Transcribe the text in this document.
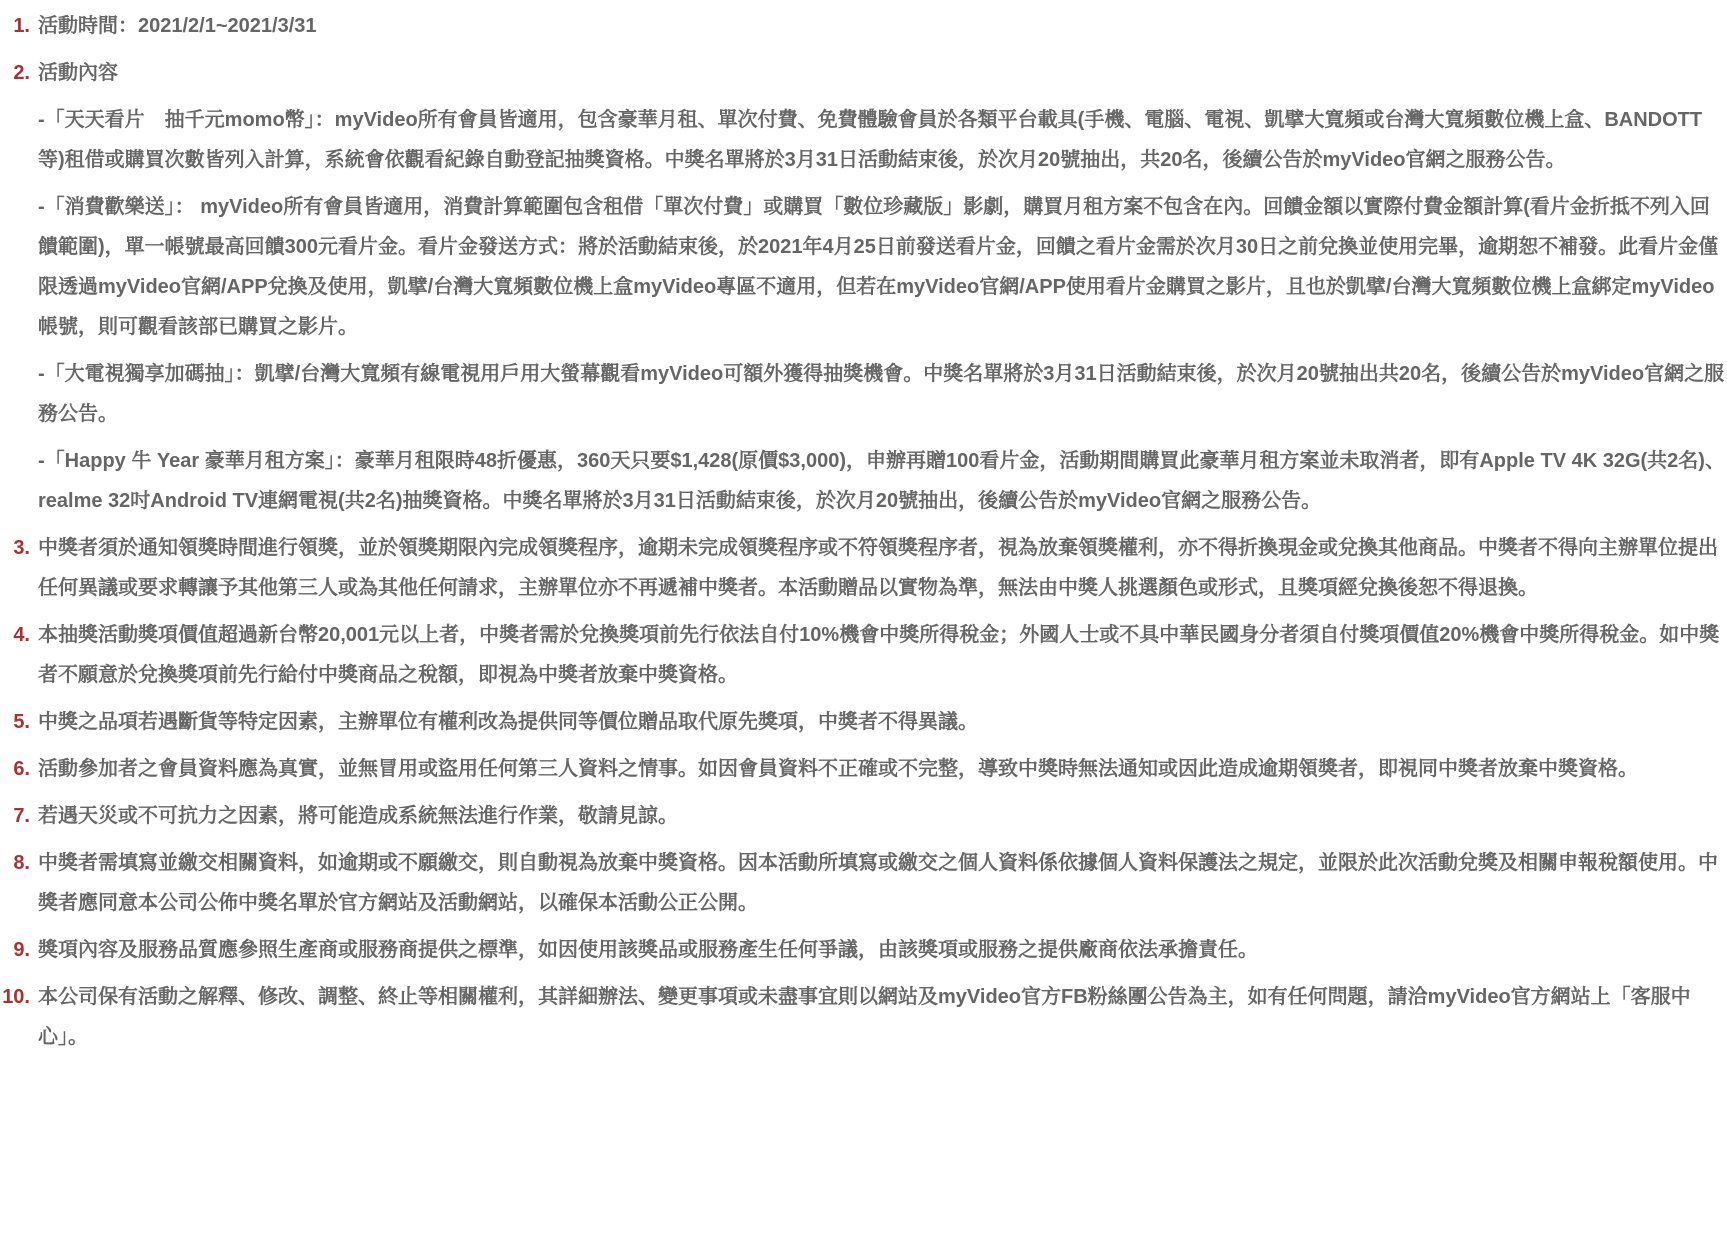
1. 活動時間：2021/2/1~2021/3/31

2. 活動內容

-「天天看片　抽千元momo幣」：myVideo所有會員皆適用，包含豪華月租、單次付費、免費體驗會員於各類平台載具(手機、電腦、電視、凱擘大寬頻或台灣大寬頻數位機上盒、BANDOTT等)租借或購買次數皆列入計算，系統會依觀看紀錄自動登記抽獎資格。中獎名單將於3月31日活動結束後，於次月20號抽出，共20名，後續公告於myVideo官網之服務公告。

-「消費歡樂送」： myVideo所有會員皆適用，消費計算範圍包含租借「單次付費」或購買「數位珍藏版」影劇，購買月租方案不包含在內。回饋金額以實際付費金額計算(看片金折抵不列入回饋範圍)，單一帳號最高回饋300元看片金。看片金發送方式：將於活動結束後，於2021年4月25日前發送看片金，回饋之看片金需於次月30日之前兌換並使用完畢，逾期恕不補發。此看片金僅限透過myVideo官網/APP兌換及使用，凱擘/台灣大寬頻數位機上盒myVideo專區不適用，但若在myVideo官網/APP使用看片金購買之影片，且也於凱擘/台灣大寬頻數位機上盒綁定myVideo帳號，則可觀看該部已購買之影片。

-「大電視獨享加碼抽」：凱擘/台灣大寬頻有線電視用戶用大螢幕觀看myVideo可額外獲得抽獎機會。中獎名單將於3月31日活動結束後，於次月20號抽出共20名，後續公告於myVideo官網之服務公告。

-「Happy 牛 Year 豪華月租方案」：豪華月租限時48折優惠，360天只要$1,428(原價$3,000)，申辦再贈100看片金，活動期間購買此豪華月租方案並未取消者，即有Apple TV 4K 32G(共2名)、realme 32吋Android TV連網電視(共2名)抽獎資格。中獎名單將於3月31日活動結束後，於次月20號抽出，後續公告於myVideo官網之服務公告。

3. 中獎者須於通知領獎時間進行領獎，並於領獎期限內完成領獎程序，逾期未完成領獎程序或不符領獎程序者，視為放棄領獎權利，亦不得折換現金或兌換其他商品。中獎者不得向主辦單位提出任何異議或要求轉讓予其他第三人或為其他任何請求，主辦單位亦不再遞補中獎者。本活動贈品以實物為準，無法由中獎人挑選顏色或形式，且獎項經兌換後恕不得退換。

4. 本抽獎活動獎項價值超過新台幣20,001元以上者，中獎者需於兌換獎項前先行依法自付10%機會中獎所得稅金；外國人士或不具中華民國身分者須自付獎項價值20%機會中獎所得稅金。如中獎者不願意於兌換獎項前先行給付中獎商品之稅額，即視為中獎者放棄中獎資格。

5. 中獎之品項若遇斷貨等特定因素，主辦單位有權利改為提供同等價位贈品取代原先獎項，中獎者不得異議。

6. 活動參加者之會員資料應為真實，並無冒用或盜用任何第三人資料之情事。如因會員資料不正確或不完整，導致中獎時無法通知或因此造成逾期領獎者，即視同中獎者放棄中獎資格。

7. 若遇天災或不可抗力之因素，將可能造成系統無法進行作業，敬請見諒。

8. 中獎者需填寫並繳交相關資料，如逾期或不願繳交，則自動視為放棄中獎資格。因本活動所填寫或繳交之個人資料係依據個人資料保護法之規定，並限於此次活動兌獎及相關申報稅額使用。中獎者應同意本公司公佈中獎名單於官方網站及活動網站，以確保本活動公正公開。

9. 獎項內容及服務品質應參照生產商或服務商提供之標準，如因使用該獎品或服務產生任何爭議，由該獎項或服務之提供廠商依法承擔責任。

10. 本公司保有活動之解釋、修改、調整、終止等相關權利，其詳細辦法、變更事項或未盡事宜則以網站及myVideo官方FB粉絲團公告為主，如有任何問題，請洽myVideo官方網站上「客服中心」。
